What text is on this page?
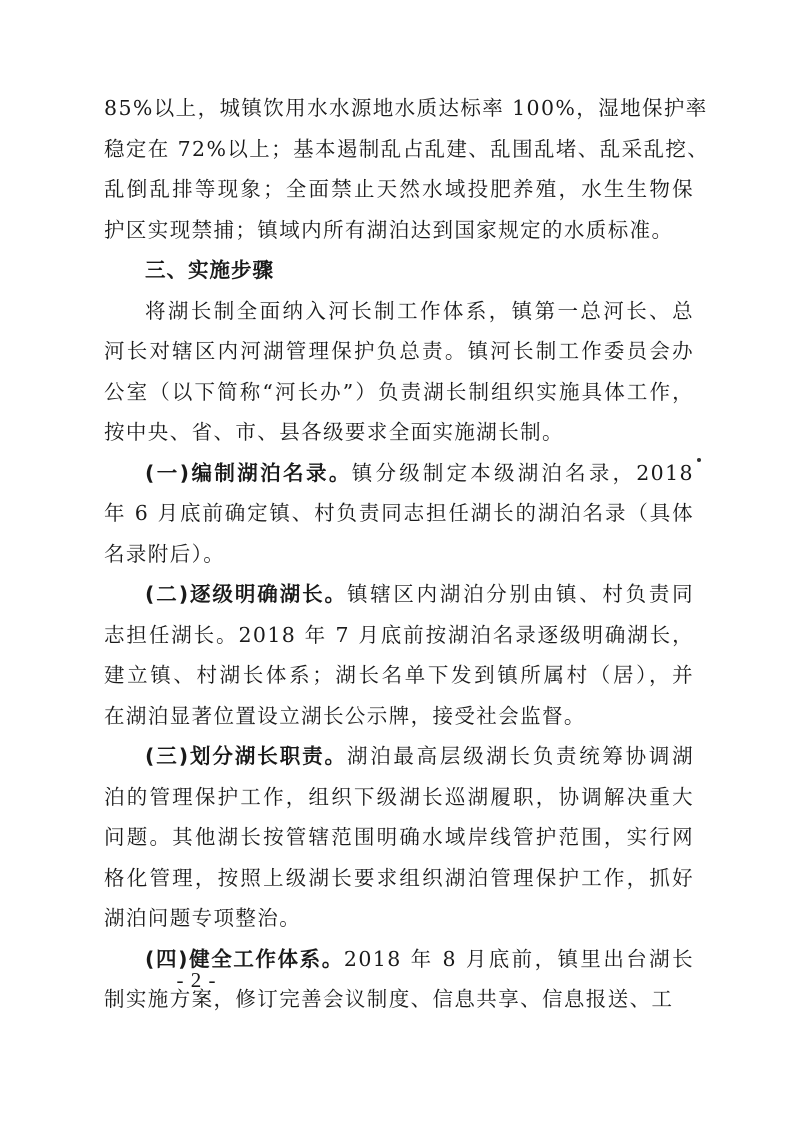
85%以上，城镇饮用水水源地水质达标率 100%，湿地保护率
稳定在 72%以上；基本遏制乱占乱建、乱围乱堵、乱采乱挖、
乱倒乱排等现象；全面禁止天然水域投肥养殖，水生生物保
护区实现禁捕；镇域内所有湖泊达到国家规定的水质标准。

三、实施步骤

将湖长制全面纳入河长制工作体系，镇第一总河长、总
河长对辖区内河湖管理保护负总责。镇河长制工作委员会办
公室（以下简称“河长办”）负责湖长制组织实施具体工作，
按中央、省、市、县各级要求全面实施湖长制。

(一)编制湖泊名录。镇分级制定本级湖泊名录，2018
年 6 月底前确定镇、村负责同志担任湖长的湖泊名录（具体
名录附后）。

(二)逐级明确湖长。镇辖区内湖泊分别由镇、村负责同
志担任湖长。2018 年 7 月底前按湖泊名录逐级明确湖长，
建立镇、村湖长体系；湖长名单下发到镇所属村（居），并
在湖泊显著位置设立湖长公示牌，接受社会监督。

(三)划分湖长职责。湖泊最高层级湖长负责统筹协调湖
泊的管理保护工作，组织下级湖长巡湖履职，协调解决重大
问题。其他湖长按管辖范围明确水域岸线管护范围，实行网
格化管理，按照上级湖长要求组织湖泊管理保护工作，抓好
湖泊问题专项整治。

(四)健全工作体系。2018 年 8 月底前，镇里出台湖长
制实施方案，修订完善会议制度、信息共享、信息报送、工

- 2 -
